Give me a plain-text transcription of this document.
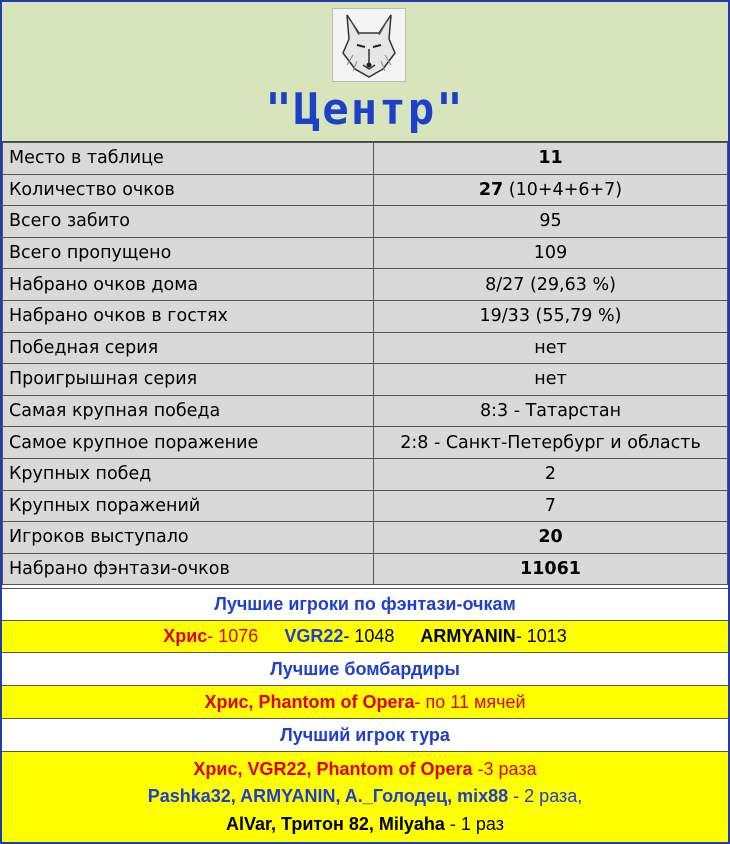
"Центр"
Место в таблице	11
Количество очков	27 (10+4+6+7)
Всего забито	95
Всего пропущено	109
Набрано очков дома	8/27 (29,63 %)
Набрано очков в гостях	19/33 (55,79 %)
Победная серия	нет
Проигрышная серия	нет
Самая крупная победа	8:3 - Татарстан
Самое крупное поражение	2:8 - Санкт-Петербург и область
Крупных побед	2
Крупных поражений	7
Игроков выступало	20
Набрано фэнтази-очков	11061
Лучшие игроки по фэнтази-очкам
Хрис - 1076 VGR22 - 1048 ARMYANIN - 1013
Лучшие бомбардиры
Хрис, Phantom of Opera - по 11 мячей
Лучший игрок тура
Хрис, VGR22, Phantom of Opera -3 раза
Pashka32, ARMYANIN, A._Голодец, mix88 - 2 раза,
AlVar, Тритон 82, Milyaha - 1 раз
